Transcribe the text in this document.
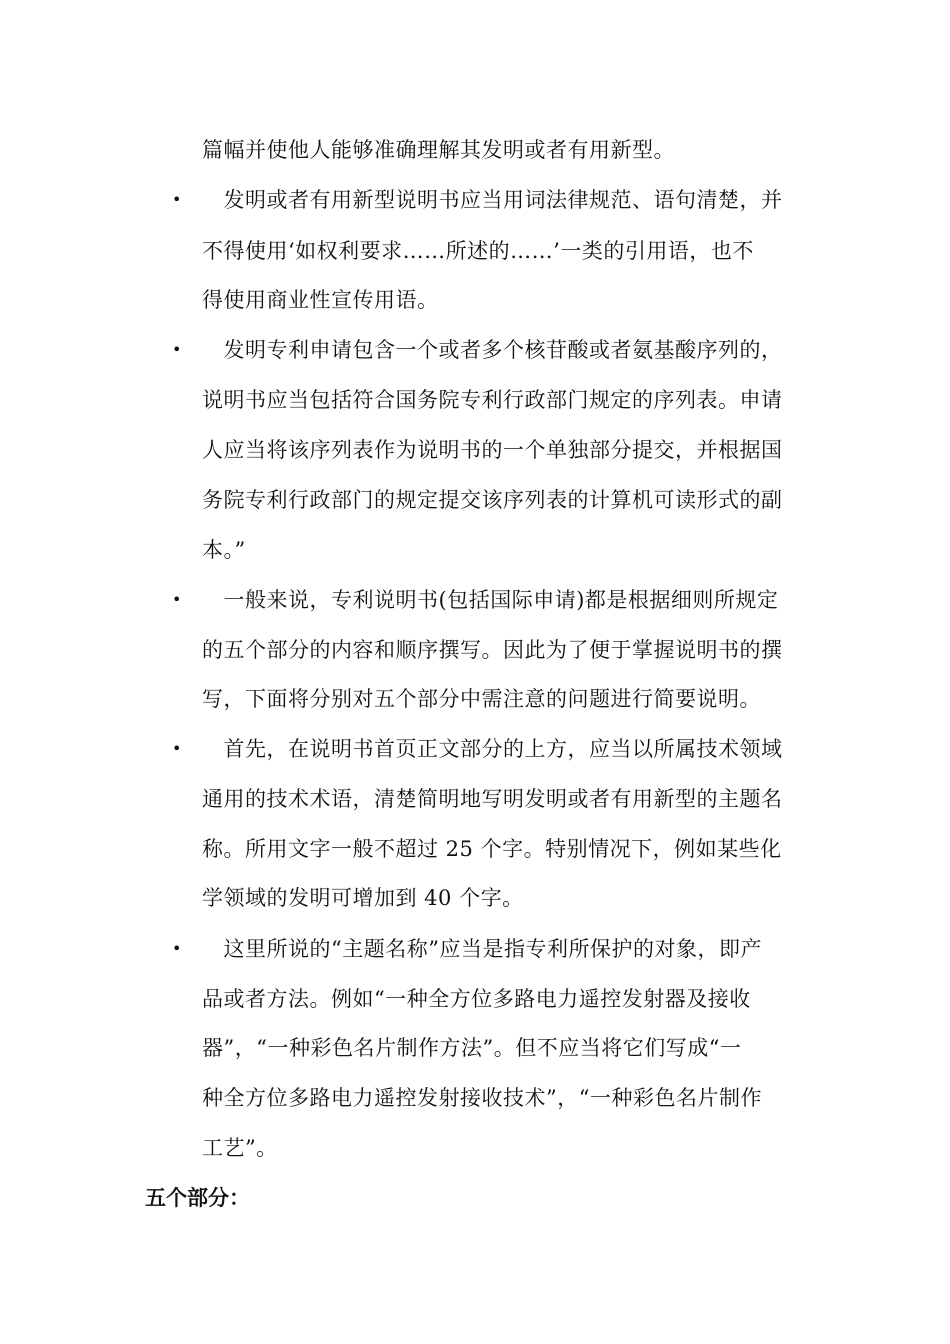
篇幅并使他人能够准确理解其发明或者有用新型。
• 　发明或者有用新型说明书应当用词法律规范、语句清楚，并
不得使用‘如权利要求……所述的……’一类的引用语，也不
得使用商业性宣传用语。
• 　发明专利申请包含一个或者多个核苷酸或者氨基酸序列的，
说明书应当包括符合国务院专利行政部门规定的序列表。申请
人应当将该序列表作为说明书的一个单独部分提交，并根据国
务院专利行政部门的规定提交该序列表的计算机可读形式的副
本。”
• 　一般来说，专利说明书(包括国际申请)都是根据细则所规定
的五个部分的内容和顺序撰写。因此为了便于掌握说明书的撰
写，下面将分别对五个部分中需注意的问题进行简要说明。
• 　首先，在说明书首页正文部分的上方，应当以所属技术领域
通用的技术术语，清楚简明地写明发明或者有用新型的主题名
称。所用文字一般不超过 25 个字。特别情况下，例如某些化
学领域的发明可增加到 40 个字。
• 　这里所说的“主题名称”应当是指专利所保护的对象，即产
品或者方法。例如“一种全方位多路电力遥控发射器及接收
器”，“一种彩色名片制作方法”。但不应当将它们写成“一
种全方位多路电力遥控发射接收技术”，“一种彩色名片制作
工艺”。
五个部分：
